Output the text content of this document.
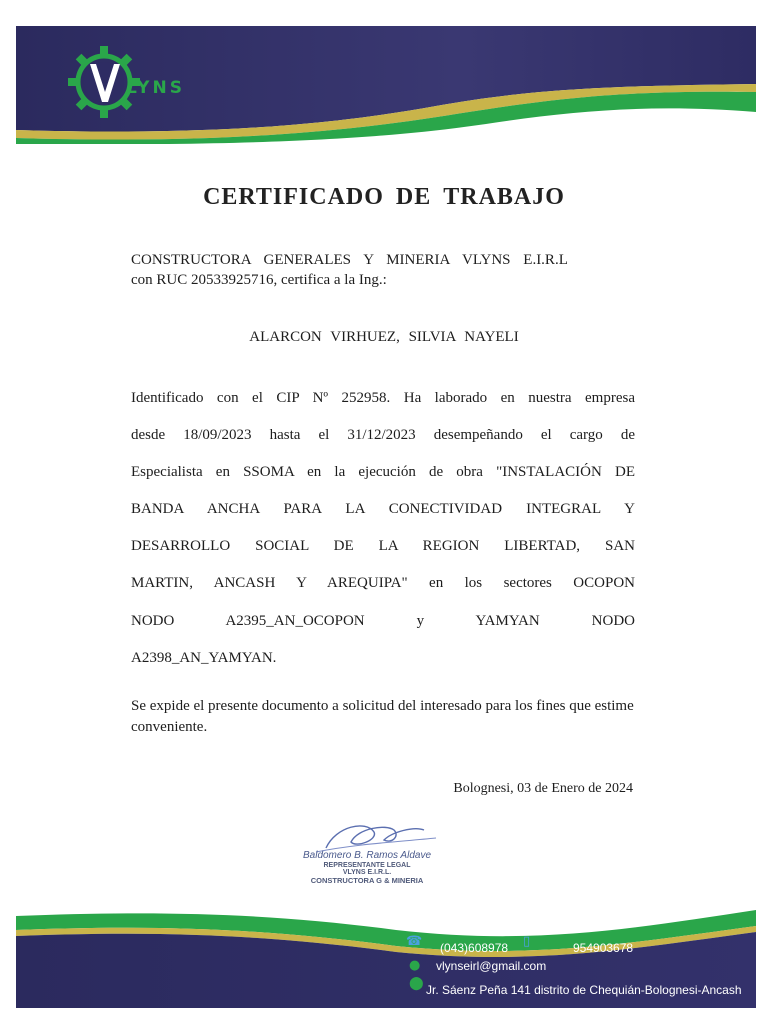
LYNS
CERTIFICADO DE TRABAJO
CONSTRUCTORA GENERALES Y MINERIA VLYNS E.I.R.L
con RUC 20533925716, certifica a la Ing.:
ALARCON VIRHUEZ, SILVIA NAYELI
Identificado con el CIP Nº 252958. Ha laborado en nuestra empresa
desde 18/09/2023 hasta el 31/12/2023 desempeñando el cargo de
Especialista en SSOMA en la ejecución de obra "INSTALACIÓN DE
BANDA ANCHA PARA LA CONECTIVIDAD INTEGRAL Y
DESARROLLO SOCIAL DE LA REGION LIBERTAD, SAN
MARTIN, ANCASH Y AREQUIPA" en los sectores OCOPON
NODO A2395_AN_OCOPON y YAMYAN NODO
A2398_AN_YAMYAN.
Se expide el presente documento a solicitud del interesado para los fines que estime conveniente.
Bolognesi, 03 de Enero de 2024
Baldomero B. Ramos Aldave
REPRESENTANTE LEGAL
VLYNS E.I.R.L.
CONSTRUCTORA G & MINERIA
☎ (043)608978 ▯	954903678
● vlynseirl@gmail.com
⬤ Jr. Sáenz Peña 141 distrito de Chequián-Bolognesi-Ancash
